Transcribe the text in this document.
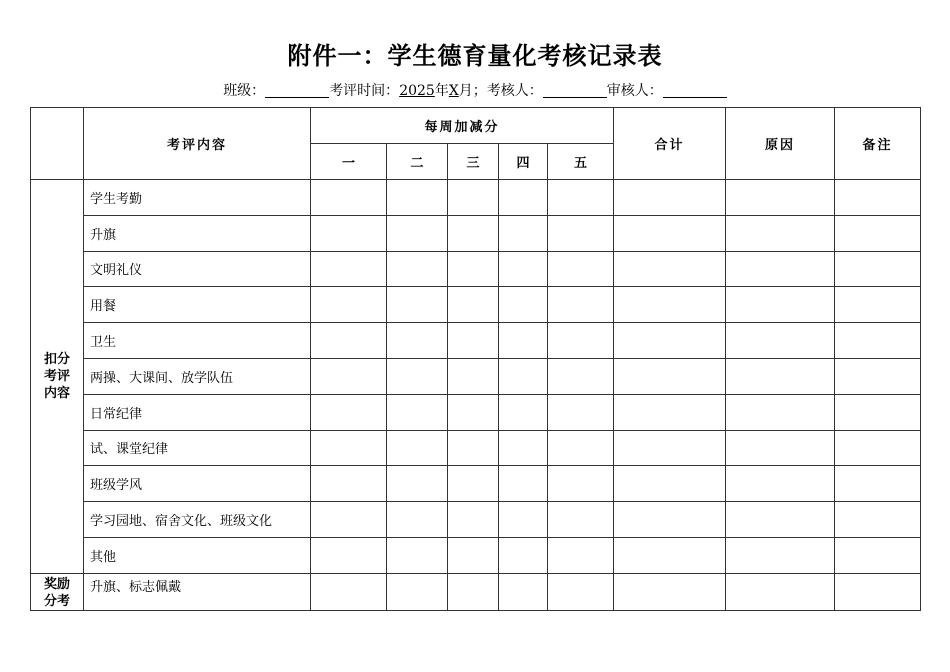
附件一：学生德育量化考核记录表
班级：	考评时间：2025年X月；考核人：	审核人：
	考评内容	每周加减分					合计	原因	备注
		一	二	三	四	五			
扣分
考评
内容	学生考勤								
	升旗								
	文明礼仪								
	用餐								
	卫生								
	两操、大课间、放学队伍								
	日常纪律								
	试、课堂纪律								
	班级学风								
	学习园地、宿舍文化、班级文化								
	其他								
奖励
分考	升旗、标志佩戴								
